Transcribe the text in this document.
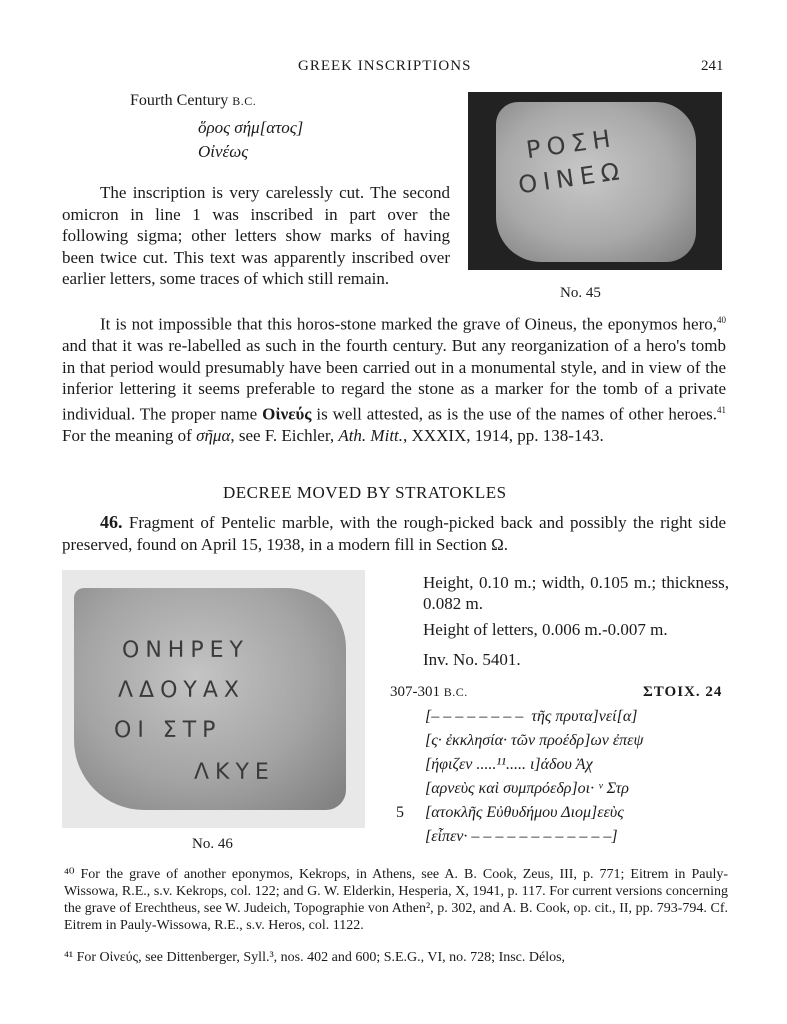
GREEK INSCRIPTIONS	241
Fourth Century B.C.
ὅρος σήμ[ατος]
Οἰνέως	ΡΟΣΗ
ΟΙΝΕΩ
No. 45
The inscription is very carelessly cut. The second omicron in line 1 was inscribed in part over the following sigma; other letters show marks of having been twice cut. This text was apparently inscribed over earlier letters, some traces of which still remain.
It is not impossible that this horos-stone marked the grave of Oineus, the eponymos hero,$^{40}$ and that it was re-labelled as such in the fourth century. But any reorganization of a hero's tomb in that period would presumably have been carried out in a monumental style, and in view of the inferior lettering it seems preferable to regard the stone as a marker for the tomb of a private individual. The proper name Οἰνεύς is well attested, as is the use of the names of other heroes.$^{41}$ For the meaning of σῆμα, see F. Eichler, Ath. Mitt., XXXIX, 1914, pp. 138-143.
DECREE MOVED BY STRATOKLES
46. Fragment of Pentelic marble, with the rough-picked back and possibly the right side preserved, found on April 15, 1938, in a modern fill in Section Ω.
ΟΝΗΡΕΥ
ΛΔΟΥΑΧ
ΟΙ ΣΤΡ
ΛΚΥΕ
No. 46
Height, 0.10 m.; width, 0.105 m.; thickness, 0.082 m.
Height of letters, 0.006 m.-0.007 m.
Inv. No. 5401.
307-301 B.C.	ΣΤΟΙΧ. 24
[– – – – – – – –  τῆς πρυτα]νεί[α]
[ς· ἐκκλησία· τῶν προέδρ]ων ἐπεψ
[ήφιζεν .....¹¹..... ι]άδου Ἀχ
[αρνεὺς καὶ συμπρόεδρ]οι· ᵛ Στρ
5 [ατοκλῆς Εὐθυδήμου Διομ]εεὺς
[εἶπεν· – – – – – – – – – – – –]
⁴⁰ For the grave of another eponymos, Kekrops, in Athens, see A. B. Cook, Zeus, III, p. 771; Eitrem in Pauly-Wissowa, R.E., s.v. Kekrops, col. 122; and G. W. Elderkin, Hesperia, X, 1941, p. 117. For current versions concerning the grave of Erechtheus, see W. Judeich, Topographie von Athen², p. 302, and A. B. Cook, op. cit., II, pp. 793-794. Cf. Eitrem in Pauly-Wissowa, R.E., s.v. Heros, col. 1122.
⁴¹ For Οἰνεύς, see Dittenberger, Syll.³, nos. 402 and 600; S.E.G., VI, no. 728; Insc. Délos,
